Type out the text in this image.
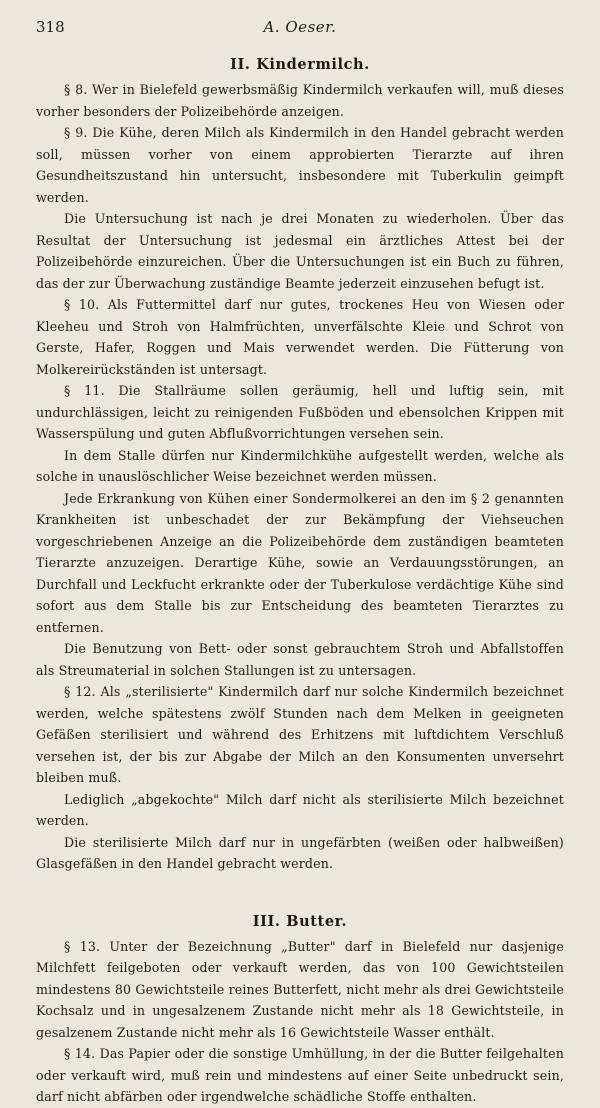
318	A. Oeser.
II. Kindermilch.

§ 8. Wer in Bielefeld gewerbsmäßig Kindermilch verkaufen will, muß dieses vorher besonders der Polizeibehörde anzeigen.

§ 9. Die Kühe, deren Milch als Kindermilch in den Handel gebracht werden soll, müssen vorher von einem approbierten Tierarzte auf ihren Gesundheitszustand hin untersucht, insbesondere mit Tuberkulin geimpft werden.

Die Untersuchung ist nach je drei Monaten zu wiederholen. Über das Resultat der Untersuchung ist jedesmal ein ärztliches Attest bei der Polizeibehörde einzureichen. Über die Untersuchungen ist ein Buch zu führen, das der zur Überwachung zuständige Beamte jederzeit einzusehen befugt ist.

§ 10. Als Futtermittel darf nur gutes, trockenes Heu von Wiesen oder Kleeheu und Stroh von Halmfrüchten, unverfälschte Kleie und Schrot von Gerste, Hafer, Roggen und Mais verwendet werden. Die Fütterung von Molkereirückständen ist untersagt.

§ 11. Die Stallräume sollen geräumig, hell und luftig sein, mit undurchlässigen, leicht zu reinigenden Fußböden und ebensolchen Krippen mit Wasserspülung und guten Abflußvorrichtungen versehen sein.

In dem Stalle dürfen nur Kindermilchkühe aufgestellt werden, welche als solche in unauslöschlicher Weise bezeichnet werden müssen.

Jede Erkrankung von Kühen einer Sondermolkerei an den im § 2 genannten Krankheiten ist unbeschadet der zur Bekämpfung der Viehseuchen vorgeschriebenen Anzeige an die Polizeibehörde dem zuständigen beamteten Tierarzte anzuzeigen. Derartige Kühe, sowie an Verdauungsstörungen, an Durchfall und Leckfucht erkrankte oder der Tuberkulose verdächtige Kühe sind sofort aus dem Stalle bis zur Entscheidung des beamteten Tierarztes zu entfernen.

Die Benutzung von Bett- oder sonst gebrauchtem Stroh und Abfallstoffen als Streumaterial in solchen Stallungen ist zu untersagen.

§ 12. Als „sterilisierte" Kindermilch darf nur solche Kindermilch bezeichnet werden, welche spätestens zwölf Stunden nach dem Melken in geeigneten Gefäßen sterilisiert und während des Erhitzens mit luftdichtem Verschluß versehen ist, der bis zur Abgabe der Milch an den Konsumenten unversehrt bleiben muß.

Lediglich „abgekochte" Milch darf nicht als sterilisierte Milch bezeichnet werden.

Die sterilisierte Milch darf nur in ungefärbten (weißen oder halbweißen) Glasgefäßen in den Handel gebracht werden.

III. Butter.

§ 13. Unter der Bezeichnung „Butter" darf in Bielefeld nur dasjenige Milchfett feilgeboten oder verkauft werden, das von 100 Gewichtsteilen mindestens 80 Gewichtsteile reines Butterfett, nicht mehr als drei Gewichtsteile Kochsalz und in ungesalzenem Zustande nicht mehr als 18 Gewichtsteile, in gesalzenem Zustande nicht mehr als 16 Gewichtsteile Wasser enthält.

§ 14. Das Papier oder die sonstige Umhüllung, in der die Butter feilgehalten oder verkauft wird, muß rein und mindestens auf einer Seite unbedruckt sein, darf nicht abfärben oder irgendwelche schädliche Stoffe enthalten.
